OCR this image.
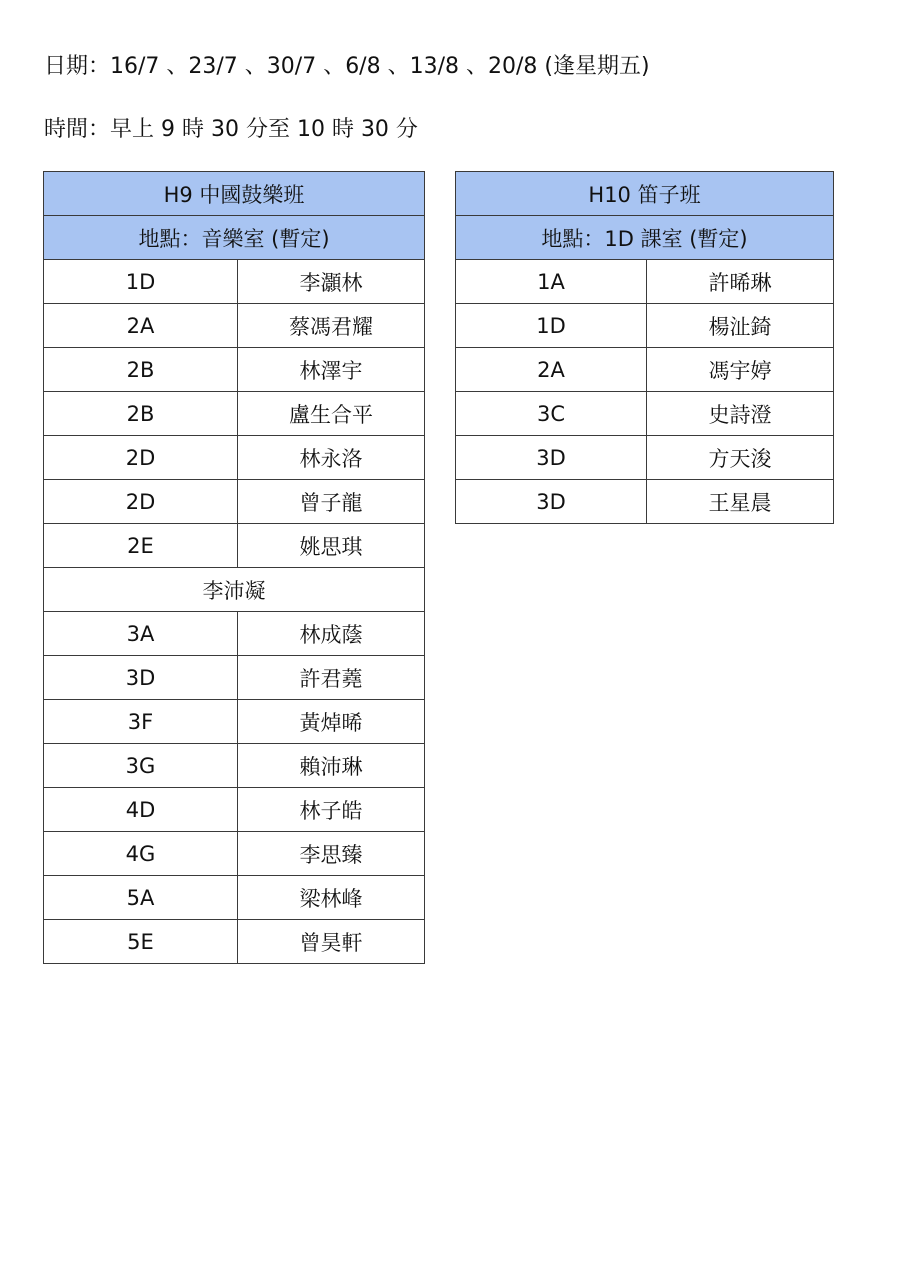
日期：16/7 、23/7 、30/7 、6/8 、13/8 、20/8 (逢星期五)
時間：早上 9 時 30 分至 10 時 30 分
H9 中國鼓樂班	
地點：音樂室 (暫定)	
1D	李灝林
2A	蔡馮君耀
2B	林澤宇
2B	盧生合平
2D	林永洛
2D	曾子龍
2E	姚思琪
李沛凝	
3A	林成蔭
3D	許君蕘
3F	黃焯晞
3G	賴沛琳
4D	林子皓
4G	李思臻
5A	梁林峰
5E	曾昊軒
H10 笛子班	
地點：1D 課室 (暫定)	
1A	許晞琳
1D	楊沚錡
2A	馮宇婷
3C	史詩澄
3D	方天浚
3D	王星晨
